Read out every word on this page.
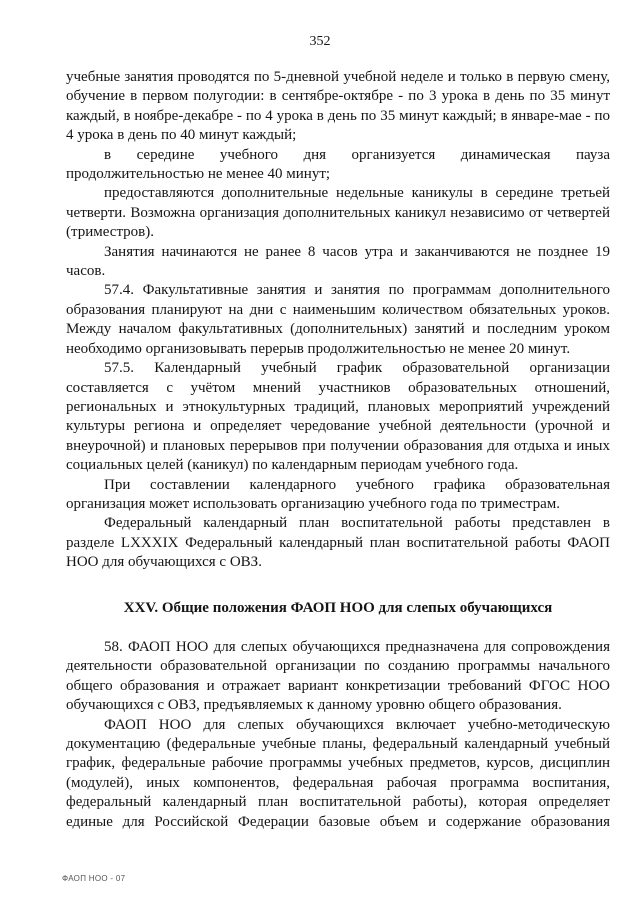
352

учебные занятия проводятся по 5-дневной учебной неделе и только в первую смену, обучение в первом полугодии: в сентябре-октябре - по 3 урока в день по 35 минут каждый, в ноябре-декабре - по 4 урока в день по 35 минут каждый; в январе-мае - по 4 урока в день по 40 минут каждый;

в середине учебного дня организуется динамическая пауза продолжительностью не менее 40 минут;

предоставляются дополнительные недельные каникулы в середине третьей четверти. Возможна организация дополнительных каникул независимо от четвертей (триместров).

Занятия начинаются не ранее 8 часов утра и заканчиваются не позднее 19 часов.

57.4. Факультативные занятия и занятия по программам дополнительного образования планируют на дни с наименьшим количеством обязательных уроков. Между началом факультативных (дополнительных) занятий и последним уроком необходимо организовывать перерыв продолжительностью не менее 20 минут.

57.5. Календарный учебный график образовательной организации составляется с учётом мнений участников образовательных отношений, региональных и этнокультурных традиций, плановых мероприятий учреждений культуры региона и определяет чередование учебной деятельности (урочной и внеурочной) и плановых перерывов при получении образования для отдыха и иных социальных целей (каникул) по календарным периодам учебного года.

При составлении календарного учебного графика образовательная организация может использовать организацию учебного года по триместрам.

Федеральный календарный план воспитательной работы представлен в разделе LXXXIX Федеральный календарный план воспитательной работы ФАОП НОО для обучающихся с ОВЗ.

XXV. Общие положения ФАОП НОО для слепых обучающихся

58. ФАОП НОО для слепых обучающихся предназначена для сопровождения деятельности образовательной организации по созданию программы начального общего образования и отражает вариант конкретизации требований ФГОС НОО обучающихся с ОВЗ, предъявляемых к данному уровню общего образования.

ФАОП НОО для слепых обучающихся включает учебно-методическую документацию (федеральные учебные планы, федеральный календарный учебный график, федеральные рабочие программы учебных предметов, курсов, дисциплин (модулей), иных компонентов, федеральная рабочая программа воспитания, федеральный календарный план воспитательной работы), которая определяет единые для Российской Федерации базовые объем и содержание образования

ФАОП НОО - 07
